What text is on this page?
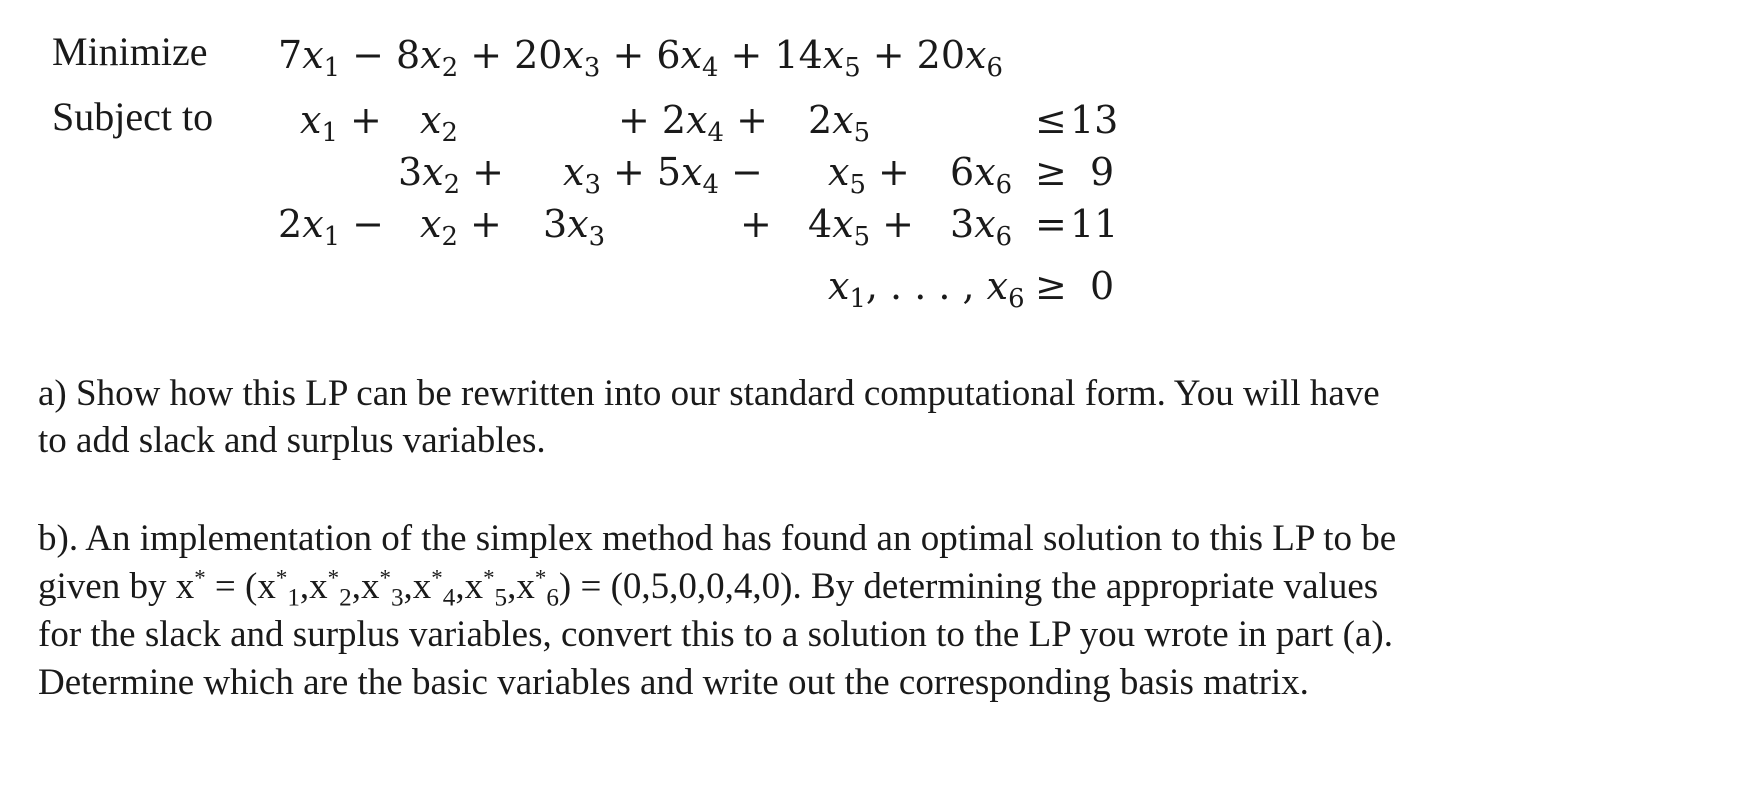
Minimize
Subject to
$7x_1 - 8x_2 + 20x_3 + 6x_4 + 14x_5 + 20x_6$
$x_1 + x_2$	+ $2x_4 + 2x_5$	≤ 13
$3x_2 + x_3 + 5x_4 - x_5 + 6x_6 \ge 9$
$2x_1 - x_2 + 3x_3$	+ $4x_5 + 3x_6 = 11$
$x_1$, . . . , $x_6 \ge 0$
a) Show how this LP can be rewritten into our standard computational form. You will have
to add slack and surplus variables.
b). An implementation of the simplex method has found an optimal solution to this LP to be
given by $x^* = (x^*_1,x^*_2,x^*_3,x^*_4,x^*_5,x^*_6) = (0,5,0,0,4,0)$. By determining the appropriate values
for the slack and surplus variables, convert this to a solution to the LP you wrote in part (a).
Determine which are the basic variables and write out the corresponding basis matrix.
